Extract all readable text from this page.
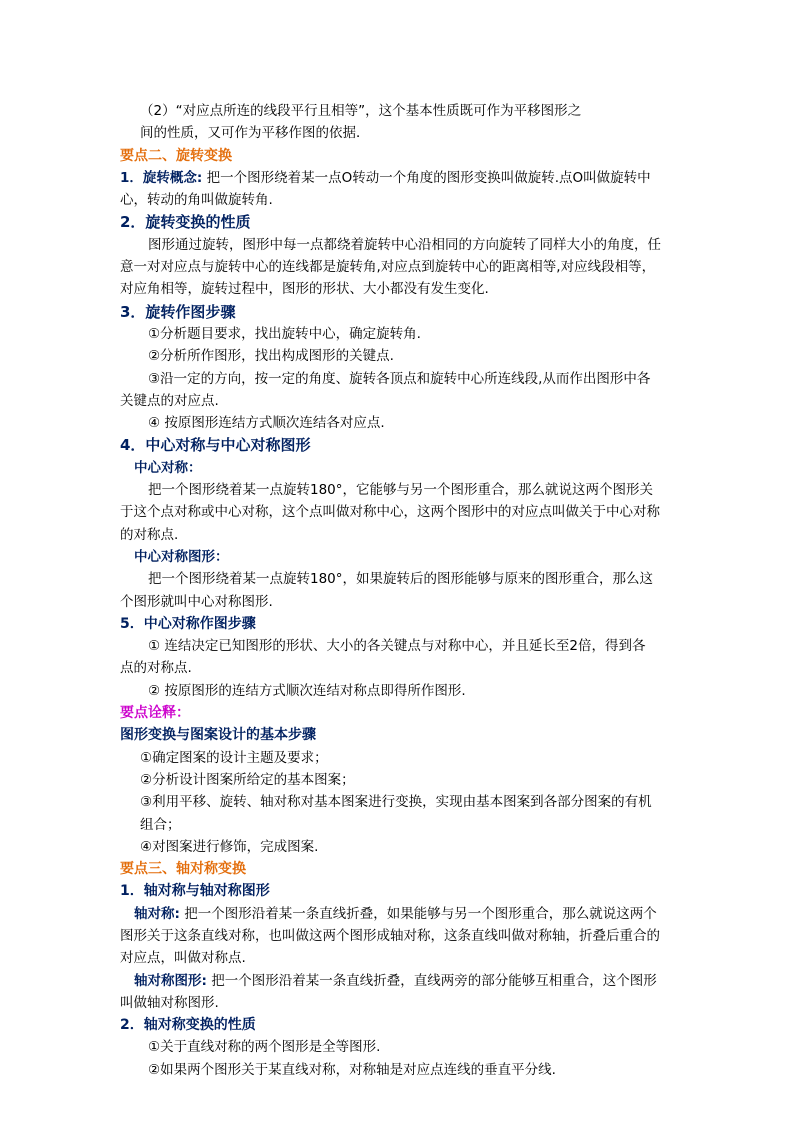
（2）“对应点所连的线段平行且相等”，这个基本性质既可作为平移图形之
间的性质，又可作为平移作图的依据．
要点二、旋转变换
1．旋转概念: 把一个图形绕着某一点O转动一个角度的图形变换叫做旋转.点O叫做旋转中
心，转动的角叫做旋转角.
2．旋转变换的性质
图形通过旋转，图形中每一点都绕着旋转中心沿相同的方向旋转了同样大小的角度，任
意一对对应点与旋转中心的连线都是旋转角,对应点到旋转中心的距离相等,对应线段相等，
对应角相等，旋转过程中，图形的形状、大小都没有发生变化.
3．旋转作图步骤
①分析题目要求，找出旋转中心，确定旋转角.
②分析所作图形，找出构成图形的关键点.
③沿一定的方向，按一定的角度、旋转各顶点和旋转中心所连线段,从而作出图形中各
关键点的对应点.
④ 按原图形连结方式顺次连结各对应点.
4．中心对称与中心对称图形
中心对称：
把一个图形绕着某一点旋转180°，它能够与另一个图形重合，那么就说这两个图形关
于这个点对称或中心对称，这个点叫做对称中心，这两个图形中的对应点叫做关于中心对称
的对称点.
中心对称图形：
把一个图形绕着某一点旋转180°，如果旋转后的图形能够与原来的图形重合，那么这
个图形就叫中心对称图形.
5．中心对称作图步骤
① 连结决定已知图形的形状、大小的各关键点与对称中心，并且延长至2倍，得到各
点的对称点.
② 按原图形的连结方式顺次连结对称点即得所作图形.
要点诠释：
图形变换与图案设计的基本步骤
①确定图案的设计主题及要求；
②分析设计图案所给定的基本图案；
③利用平移、旋转、轴对称对基本图案进行变换，实现由基本图案到各部分图案的有机
组合；
④对图案进行修饰，完成图案.
要点三、轴对称变换
1．轴对称与轴对称图形
轴对称: 把一个图形沿着某一条直线折叠，如果能够与另一个图形重合，那么就说这两个
图形关于这条直线对称，也叫做这两个图形成轴对称，这条直线叫做对称轴，折叠后重合的
对应点，叫做对称点.
轴对称图形: 把一个图形沿着某一条直线折叠，直线两旁的部分能够互相重合，这个图形
叫做轴对称图形.
2．轴对称变换的性质
①关于直线对称的两个图形是全等图形.
②如果两个图形关于某直线对称，对称轴是对应点连线的垂直平分线.
